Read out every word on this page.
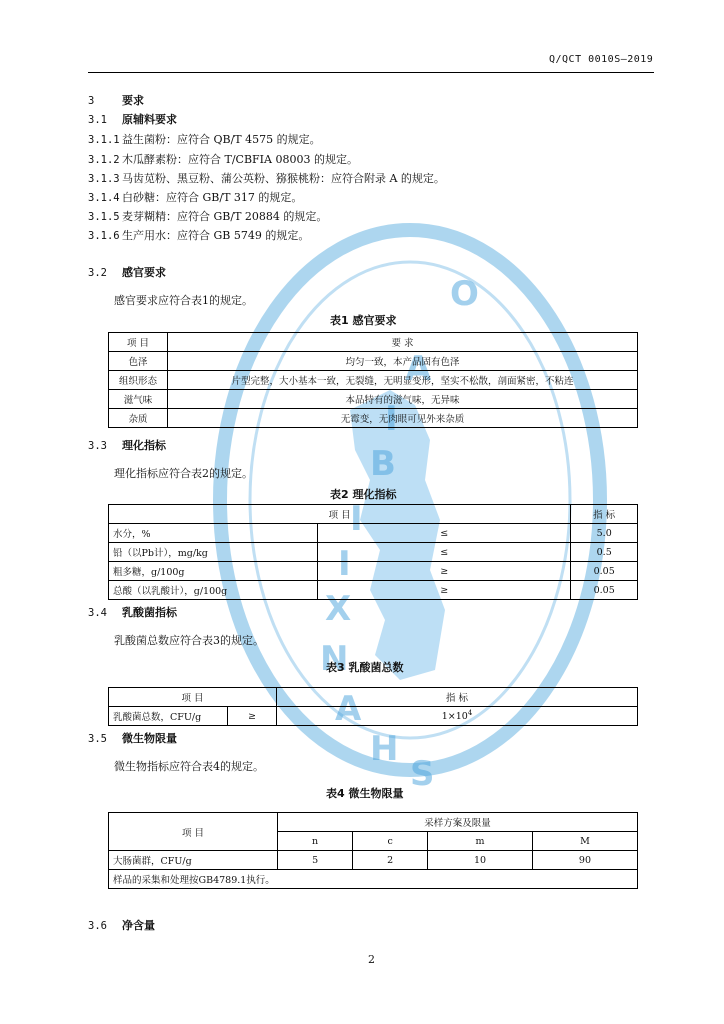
O
A
I
B
I
I
X
N
A
H
S
Q/QCT 0010S—2019
3	要求
3.1 原辅料要求
3.1.1 益生菌粉：应符合 QB/T 4575 的规定。
3.1.2 木瓜酵素粉：应符合 T/CBFIA 08003 的规定。
3.1.3 马齿苋粉、黑豆粉、蒲公英粉、猕猴桃粉：应符合附录 A 的规定。
3.1.4 白砂糖：应符合 GB/T 317 的规定。
3.1.5 麦芽糊精：应符合 GB/T 20884 的规定。
3.1.6 生产用水：应符合 GB 5749 的规定。
3.2 感官要求
感官要求应符合表1的规定。
表1 感官要求
项 目	要 求
色泽	均匀一致，本产品固有色泽
组织形态	片型完整，大小基本一致，无裂缝，无明显变形，坚实不松散，剖面紧密，不粘连
滋气味	本品特有的滋气味，无异味
杂质	无霉变，无肉眼可见外来杂质
3.3 理化指标
理化指标应符合表2的规定。
表2 理化指标
项 目		指 标
水分，%	≤	5.0
铅（以Pb计），mg/kg	≤	0.5
粗多糖，g/100g	≥	0.05
总酸（以乳酸计），g/100g	≥	0.05
3.4 乳酸菌指标
乳酸菌总数应符合表3的规定。
表3 乳酸菌总数
项 目		指 标
乳酸菌总数，CFU/g	≥	$1\times 10^4$
3.5 微生物限量
微生物指标应符合表4的规定。
表4 微生物限量
项 目	采样方案及限量			
	n	c	m	M
大肠菌群，CFU/g	5	2	10	90
样品的采集和处理按GB4789.1执行。				
3.6 净含量
2
